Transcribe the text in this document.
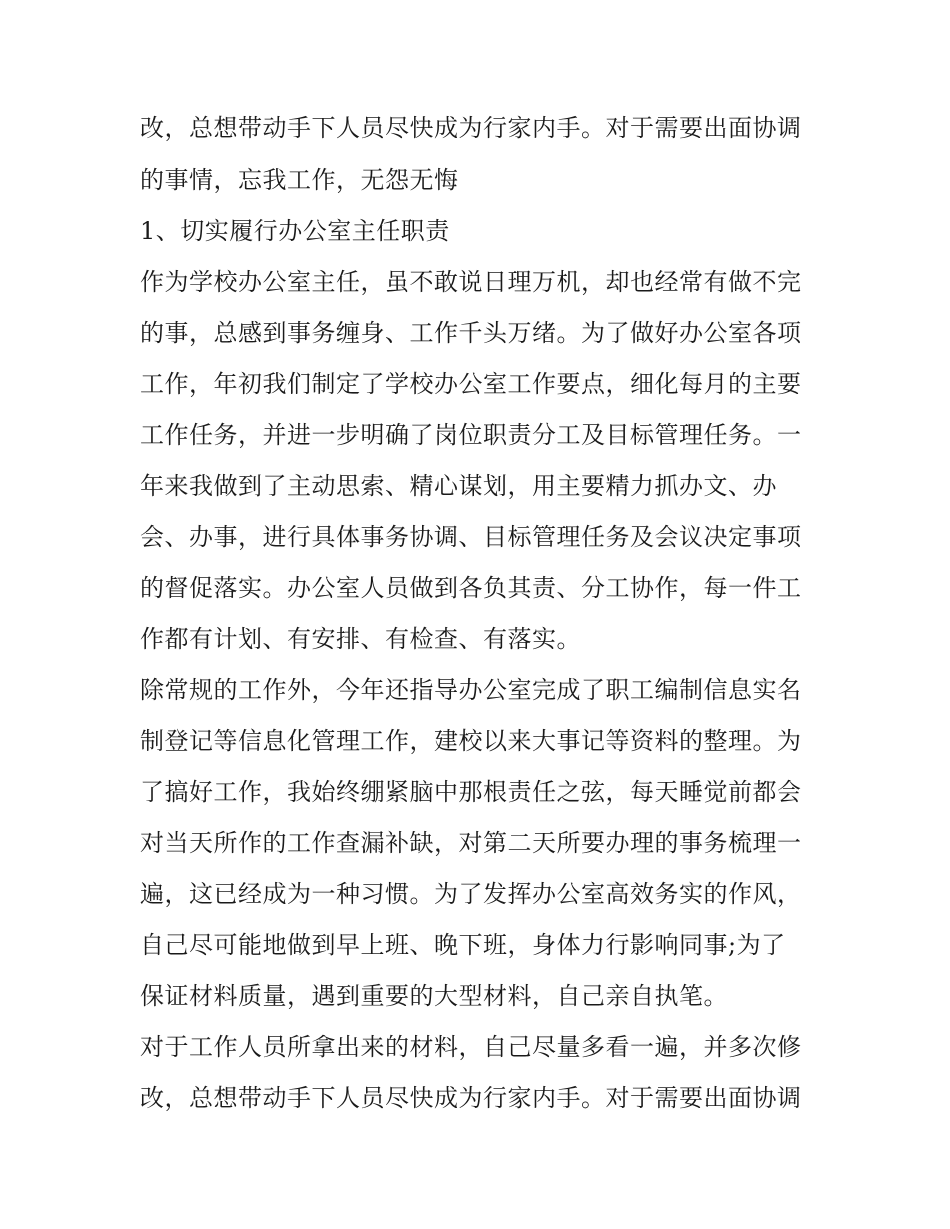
改，总想带动手下人员尽快成为行家内手。对于需要出面协调

的事情，忘我工作，无怨无悔

1、切实履行办公室主任职责

作为学校办公室主任，虽不敢说日理万机，却也经常有做不完

的事，总感到事务缠身、工作千头万绪。为了做好办公室各项

工作，年初我们制定了学校办公室工作要点，细化每月的主要

工作任务，并进一步明确了岗位职责分工及目标管理任务。一

年来我做到了主动思索、精心谋划，用主要精力抓办文、办

会、办事，进行具体事务协调、目标管理任务及会议决定事项

的督促落实。办公室人员做到各负其责、分工协作，每一件工

作都有计划、有安排、有检查、有落实。

除常规的工作外，今年还指导办公室完成了职工编制信息实名

制登记等信息化管理工作，建校以来大事记等资料的整理。为

了搞好工作，我始终绷紧脑中那根责任之弦，每天睡觉前都会

对当天所作的工作查漏补缺，对第二天所要办理的事务梳理一

遍，这已经成为一种习惯。为了发挥办公室高效务实的作风，

自己尽可能地做到早上班、晚下班，身体力行影响同事;为了

保证材料质量，遇到重要的大型材料，自己亲自执笔。

对于工作人员所拿出来的材料，自己尽量多看一遍，并多次修

改，总想带动手下人员尽快成为行家内手。对于需要出面协调
